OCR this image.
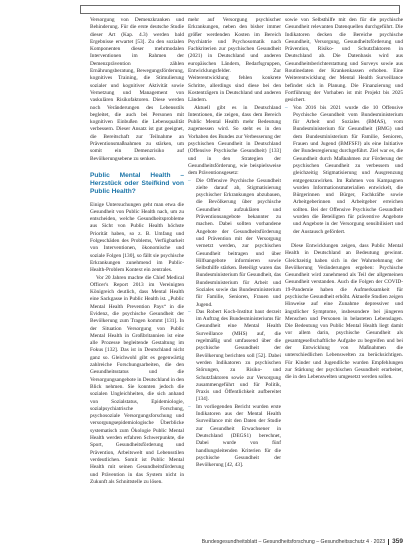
Versorgung von Demenzkranken und Behinderung. Für die erste deutsche Studie dieser Art (Kap. 4.3) werden bald Ergebnisse erwartet [53]. Zu den sozialen Komponenten dieser mehrmodalen Interventionen im Rahmen der Demenzprävention zählen Ernährungsberatung, Bewegungsförderung, kognitives Training, die Stimulierung sozialer und kognitiver Aktivität sowie Vernetzung und Management von vaskulären Risikofaktoren. Diese werden noch Veränderungen des Lebensstils begleitet, die auch bei Personen mit kognitiven Einbußen die Lebensqualität verbessern. Dieser Ansatz ist gut geeignet, die Bereitschaft zur Teilnahme an Präventionsmaßnahmen zu stärken, um somit ein Demenzrisiko auf Bevölkerungsebene zu senken.

Public Mental Health – Herzstück oder Steifkind von Public Health?

Einige Untersuchungen geht man etwa die Gesundheit von Public Health nach, um zu entscheiden, welche Gesundheitsprobleme aus Sicht von Public Health höchste Priorität haben, so z. B. Umfang und Folgeschäden des Problems, Verfügbarkeit von Interventionen, ökonomische und soziale Folgen [130], so fällt sie psychische Erkrankungen zunehmend im Public-Health-Problem Kontext ein zentrales.

Vor 20 Jahren machte die Chief Medical Officer's Report 2013 im Vereinigten Königreich deutlich, dass Mental Health eine Sackgasse in Public Health ist. „Public Mental Health Prevention Pays“ in die Evidenz, die psychische Gesundheit der Bevölkerung zum Tragen kommt [131]. In der Situation Versorgung von Public Mental Health in Großbritannien ist eine alle Prozesse begleitende Gestaltung im Fokus [132]. Das ist in Deutschland nicht ganz so. Gleichwohl gibt es gegenwärtig zahlreiche Forschungsarbeiten, die den Gesundheitsstatus und die Versorgungsangebote in Deutschland in den Blick nehmen. Sie konnten jedoch die sozialen Ungleichheiten, die sich anhand von Sozialstatus, Epidemiologie, sozialpsychiatrische Forschung, psychosoziale Versorgungsforschung und versorgungsepidemiologische Überblicke systematisch zum Ökologie Public Mental Health werden erfahren Schwerpunkte, die Sport, Gesundheitsförderung und Prävention, Arbeitswelt und Lebensstilen verdeutlichen. Somit ist Public Mental Health mit seinen Gesundheitsförderung und Prävention in das System nicht in Zukunft als Schnittstelle zu lösen.

mehr auf Versorgung psychischer Erkrankungen, neben den bisher immer größer werdenden Kosten im Bereich Psychiatrie und Psychosomatik nach Fachkriterien zur psychischen Gesundheit (2021) in Deutschland und anderen europäischen Ländern, Bedarfsgruppen, Entwicklungsfelder. Zur Weiterentwicklung fehlen konkrete Schritte, allerdings sind diese bei den Kostenträgern in Deutschland und anderen Ländern.

Aktuell gibt es in Deutschland Intentionen, die zeigen, dass dem Bereich Public Mental Health mehr Bedeutung zugemessen wird. So steht es in den Vorhaben des Bundes zur Verbesserung der psychischen Gesundheit in Deutschland (Offensive Psychische Gesundheit) [133] und in den Strategien der Gesundheitsförderung, wie beispielsweise dem Präventionsgesetz:

– Die Offensive Psychische Gesundheit zielte darauf ab, Stigmatisierung psychischer Erkrankungen abzubauen, die Bevölkerung über psychische Gesundheit aufzuklären und Präventionsangebote bekannter zu machen. Dabei sollten vorhandene Angebote der Gesundheitsförderung und Prävention mit der Versorgung vernetzt werden, zur psychischen Gesundheit beitragen und über Hilfsangebote informieren sowie Selbsthilfe stärken. Beteiligt waren das Bundesministerium für Gesundheit, das Bundesministerium für Arbeit und Soziales sowie das Bundesministerium für Familie, Senioren, Frauen und Jugend.

– Das Robert Koch-Institut baut derzeit im Auftrag des Bundesministeriums für Gesundheit eine Mental Health Surveillance (MHS) auf, die regelmäßig und umfassend über die psychische Gesundheit der Bevölkerung berichten soll [52]. Dabei werden Indikatoren zu psychischen Störungen, zu Risiko- und Schutzfaktoren sowie zur Versorgung zusammengeführt und für Politik, Praxis und Öffentlichkeit aufbereitet [134].

– Im vorliegenden Bericht wurden erste Indikatoren aus der Mental Health Surveillance mit den Daten der Studie zur Gesundheit Erwachsener in Deutschland (DEGS1) berechnet, Dabei wurde von fünf handlungsleitenden Kriterien für die psychische Gesundheit der Bevölkerung [42, 43].

sowie von Selbsthilfe mit den für die psychische Gesundheit relevanten Datenquellen durchgeführt. Die Indikatoren decken die Bereiche psychische Gesundheit, Versorgung, Gesundheitsförderung und Prävention, Risiko- und Schutzfaktoren in Deutschland ab. Die Datenbasis wird aus Gesundheitsberichterstattung und Surveys sowie aus Routinedaten der Krankenkassen erhoben. Eine Weiterentwicklung der Mental Health Surveillance befindet sich in Planung. Die Finanzierung und Fortführung der Vorhaben ist mit Projekt bis 2025 gesichert.

– Von 2016 bis 2021 wurde die 10 Offensive Psychische Gesundheit vom Bundesministerium für Arbeit und Soziales (BMAS), vom Bundesministerium für Gesundheit (BMG) und dem Bundesministerium für Familie, Senioren, Frauen und Jugend (BMFSFJ) als eine Initiative der Bundesregierung durchgeführt. Ziel war es, die Gesundheit durch Maßnahmen zur Förderung der psychischen Gesundheit zu verbessern und gleichzeitig Stigmatisierung und Ausgrenzung entgegenzuwirken. Im Rahmen von Kampagnen wurden Informationsmaterialien entwickelt, die Bürgerinnen und Bürger, Fachkräfte sowie Arbeitgeberinnen und Arbeitgeber erreichen sollten. Bei der Offensive Psychische Gesundheit wurden die Beteiligten für präventive Angebote und Angebote in der Versorgung sensibilisiert und der Austausch gefördert.

Diese Entwicklungen zeigen, dass Public Mental Health in Deutschland an Bedeutung gewinnt. Gleichzeitig haben sich in der Wahrnehmung der Bevölkerung Veränderungen ergeben: Psychische Gesundheit wird zunehmend als Teil der allgemeinen Gesundheit verstanden. Auch die Folgen der COVID-19-Pandemie haben die Aufmerksamkeit für psychische Gesundheit erhöht. Aktuelle Studien zeigen Hinweise auf eine Zunahme depressiver und ängstlicher Symptome, insbesondere bei jüngeren Menschen und Personen in belasteten Lebenslagen. Die Bedeutung von Public Mental Health liegt damit vor allem darin, psychische Gesundheit als gesamtgesellschaftliche Aufgabe zu begreifen und bei der Entwicklung von Maßnahmen die unterschiedlichen Lebenswelten zu berücksichtigen. Für Kinder und Jugendliche wurden Empfehlungen zur Stärkung der psychischen Gesundheit erarbeitet, die in den Lebenswelten umgesetzt werden sollen.

Bundesgesundheitsblatt – Gesundheitsforschung – Gesundheitsschutz 4 · 2023 359
